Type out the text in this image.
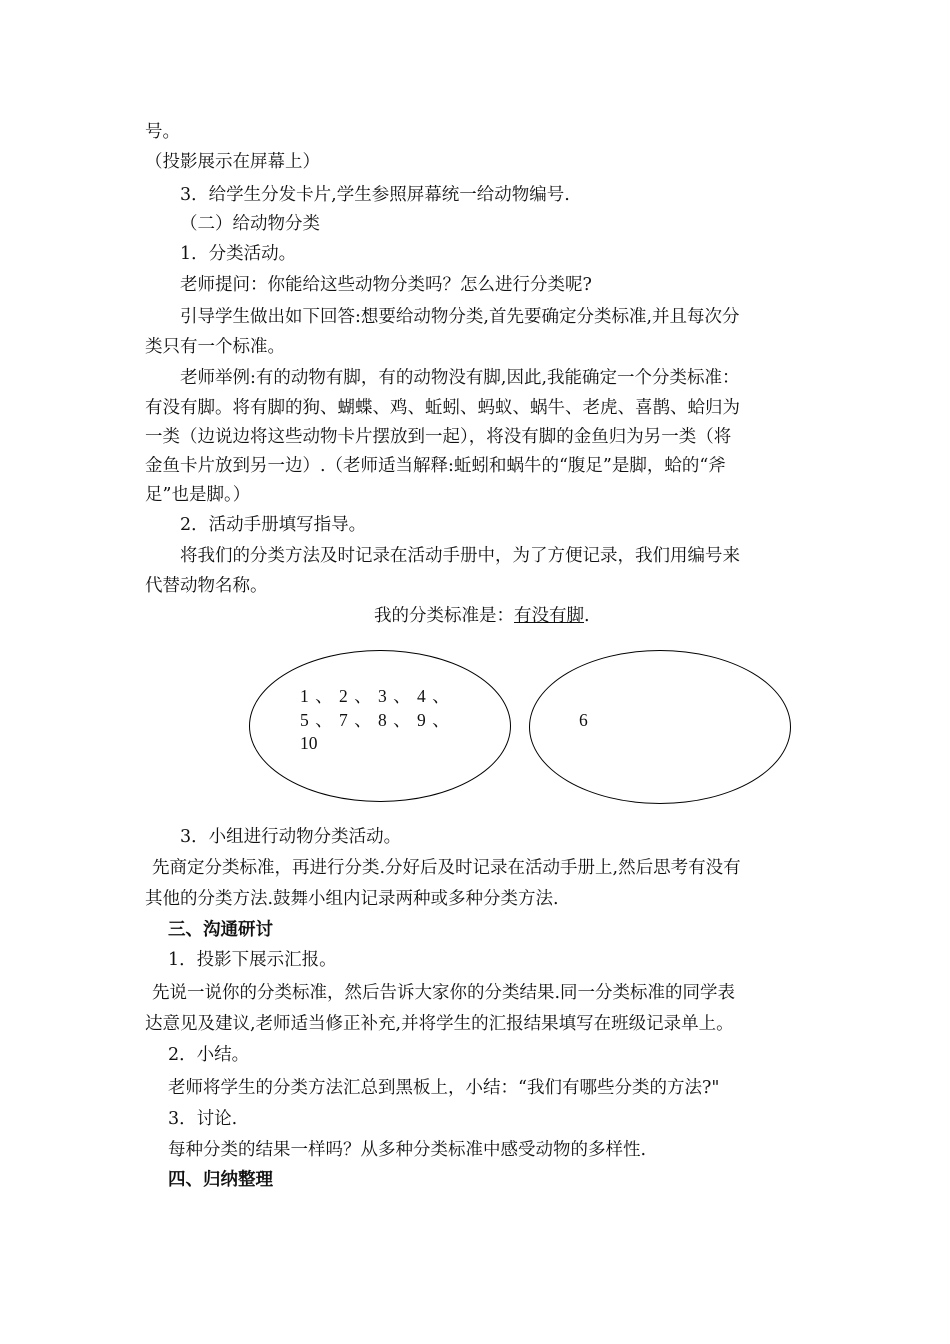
号。
（投影展示在屏幕上）
3．给学生分发卡片,学生参照屏幕统一给动物编号.
（二）给动物分类
1．分类活动。
老师提问：你能给这些动物分类吗？怎么进行分类呢?
引导学生做出如下回答:想要给动物分类,首先要确定分类标准,并且每次分
类只有一个标准。
老师举例:有的动物有脚，有的动物没有脚,因此,我能确定一个分类标准：
有没有脚。将有脚的狗、蝴蝶、鸡、蚯蚓、蚂蚁、蜗牛、老虎、喜鹊、蛤归为
一类（边说边将这些动物卡片摆放到一起），将没有脚的金鱼归为另一类（将
金鱼卡片放到另一边）.（老师适当解释:蚯蚓和蜗牛的“腹足”是脚，蛤的“斧
足”也是脚。）
2．活动手册填写指导。
将我们的分类方法及时记录在活动手册中，为了方便记录，我们用编号来
代替动物名称。
我的分类标准是：有没有脚.
1 、 2 、 3 、 4 、
5 、 7 、 8 、 9 、
10
6
3．小组进行动物分类活动。
先商定分类标准，再进行分类.分好后及时记录在活动手册上,然后思考有没有
其他的分类方法.鼓舞小组内记录两种或多种分类方法.
三、沟通研讨
1．投影下展示汇报。
先说一说你的分类标准，然后告诉大家你的分类结果.同一分类标准的同学表
达意见及建议,老师适当修正补充,并将学生的汇报结果填写在班级记录单上。
2．小结。
老师将学生的分类方法汇总到黑板上，小结：“我们有哪些分类的方法?"
3．讨论.
每种分类的结果一样吗？从多种分类标准中感受动物的多样性.
四、归纳整理
